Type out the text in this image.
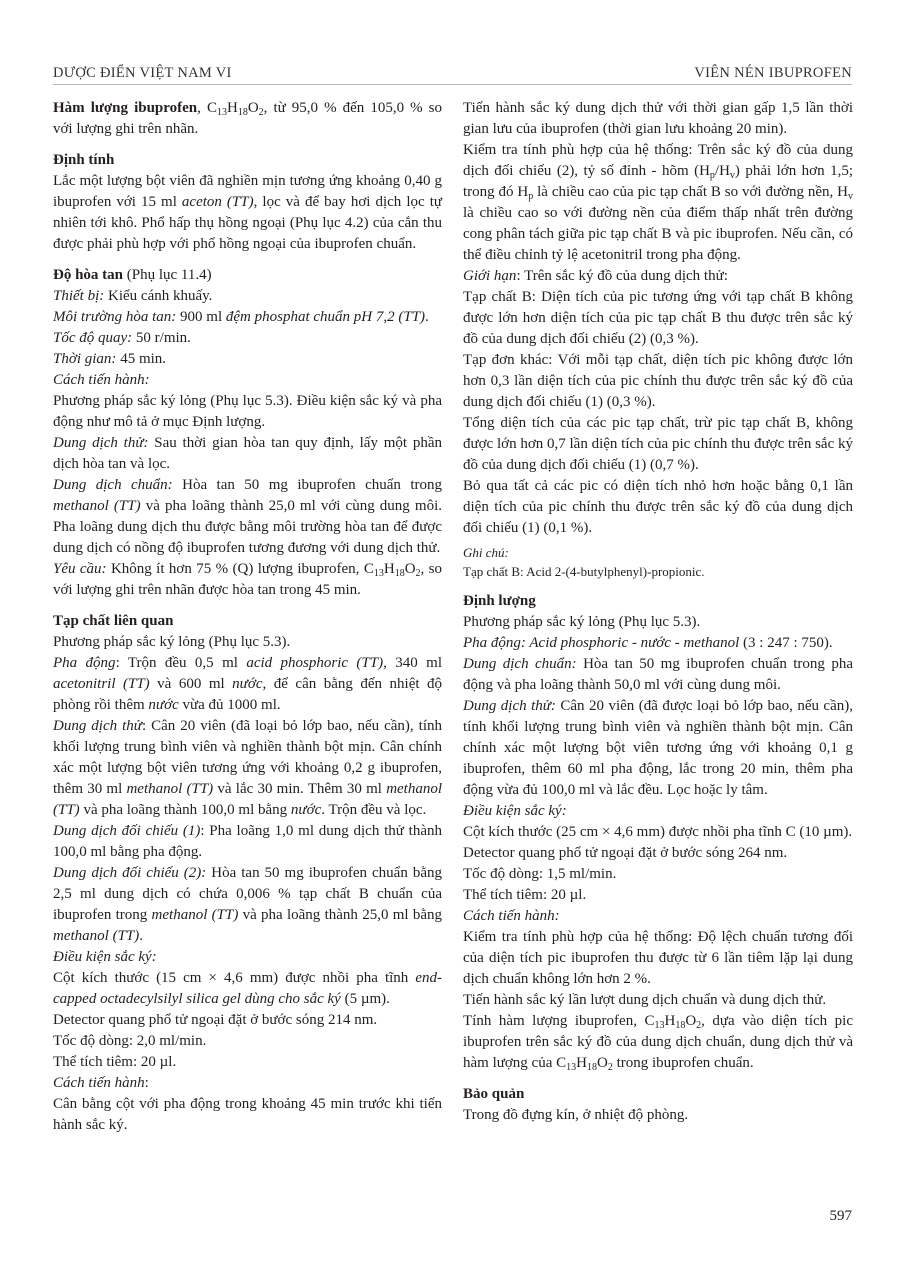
DƯỢC ĐIỂN VIỆT NAM VI	VIÊN NÉN IBUPROFEN

Hàm lượng ibuprofen, $C_{13}H_{18}O_2$, từ 95,0 % đến 105,0 % so với lượng ghi trên nhãn.

Định tính

Lắc một lượng bột viên đã nghiền mịn tương ứng khoảng 0,40 g ibuprofen với 15 ml aceton (TT), lọc và để bay hơi dịch lọc tự nhiên tới khô. Phổ hấp thụ hồng ngoại (Phụ lục 4.2) của cắn thu được phải phù hợp với phổ hồng ngoại của ibuprofen chuẩn.

Độ hòa tan (Phụ lục 11.4)

Thiết bị: Kiểu cánh khuấy.

Môi trường hòa tan: 900 ml đệm phosphat chuẩn pH 7,2 (TT).

Tốc độ quay: 50 r/min.

Thời gian: 45 min.

Cách tiến hành:

Phương pháp sắc ký lỏng (Phụ lục 5.3). Điều kiện sắc ký và pha động như mô tả ở mục Định lượng.

Dung dịch thử: Sau thời gian hòa tan quy định, lấy một phần dịch hòa tan và lọc.

Dung dịch chuẩn: Hòa tan 50 mg ibuprofen chuẩn trong methanol (TT) và pha loãng thành 25,0 ml với cùng dung môi. Pha loãng dung dịch thu được bằng môi trường hòa tan để được dung dịch có nồng độ ibuprofen tương đương với dung dịch thử.

Yêu cầu: Không ít hơn 75 % (Q) lượng ibuprofen, $C_{13}H_{18}O_2$, so với lượng ghi trên nhãn được hòa tan trong 45 min.

Tạp chất liên quan

Phương pháp sắc ký lỏng (Phụ lục 5.3).

Pha động: Trộn đều 0,5 ml acid phosphoric (TT), 340 ml acetonitril (TT) và 600 ml nước, để cân bằng đến nhiệt độ phòng rồi thêm nước vừa đủ 1000 ml.

Dung dịch thử: Cân 20 viên (đã loại bỏ lớp bao, nếu cần), tính khối lượng trung bình viên và nghiền thành bột mịn. Cân chính xác một lượng bột viên tương ứng với khoảng 0,2 g ibuprofen, thêm 30 ml methanol (TT) và lắc 30 min. Thêm 30 ml methanol (TT) và pha loãng thành 100,0 ml bằng nước. Trộn đều và lọc.

Dung dịch đối chiếu (1): Pha loãng 1,0 ml dung dịch thử thành 100,0 ml bằng pha động.

Dung dịch đối chiếu (2): Hòa tan 50 mg ibuprofen chuẩn bằng 2,5 ml dung dịch có chứa 0,006 % tạp chất B chuẩn của ibuprofen trong methanol (TT) và pha loãng thành 25,0 ml bằng methanol (TT).

Điều kiện sắc ký:

Cột kích thước (15 cm × 4,6 mm) được nhồi pha tĩnh end-capped octadecylsilyl silica gel dùng cho sắc ký (5 µm).

Detector quang phổ tử ngoại đặt ở bước sóng 214 nm.

Tốc độ dòng: 2,0 ml/min.

Thể tích tiêm: 20 µl.

Cách tiến hành:

Cân bằng cột với pha động trong khoảng 45 min trước khi tiến hành sắc ký.

Tiến hành sắc ký dung dịch thử với thời gian gấp 1,5 lần thời gian lưu của ibuprofen (thời gian lưu khoảng 20 min).

Kiểm tra tính phù hợp của hệ thống: Trên sắc ký đồ của dung dịch đối chiếu (2), tỷ số đỉnh - hõm $(H_p/H_v)$ phải lớn hơn 1,5; trong đó $H_p$ là chiều cao của pic tạp chất B so với đường nền, $H_v$ là chiều cao so với đường nền của điểm thấp nhất trên đường cong phân tách giữa pic tạp chất B và pic ibuprofen. Nếu cần, có thể điều chỉnh tỷ lệ acetonitril trong pha động.

Giới hạn: Trên sắc ký đồ của dung dịch thử:

Tạp chất B: Diện tích của pic tương ứng với tạp chất B không được lớn hơn diện tích của pic tạp chất B thu được trên sắc ký đồ của dung dịch đối chiếu (2) (0,3 %).

Tạp đơn khác: Với mỗi tạp chất, diện tích pic không được lớn hơn 0,3 lần diện tích của pic chính thu được trên sắc ký đồ của dung dịch đối chiếu (1) (0,3 %).

Tổng diện tích của các pic tạp chất, trừ pic tạp chất B, không được lớn hơn 0,7 lần diện tích của pic chính thu được trên sắc ký đồ của dung dịch đối chiếu (1) (0,7 %).

Bỏ qua tất cả các pic có diện tích nhỏ hơn hoặc bằng 0,1 lần diện tích của pic chính thu được trên sắc ký đồ của dung dịch đối chiếu (1) (0,1 %).

Ghi chú:

Tạp chất B: Acid 2-(4-butylphenyl)-propionic.

Định lượng

Phương pháp sắc ký lỏng (Phụ lục 5.3).

Pha động: Acid phosphoric - nước - methanol (3 : 247 : 750).

Dung dịch chuẩn: Hòa tan 50 mg ibuprofen chuẩn trong pha động và pha loãng thành 50,0 ml với cùng dung môi.

Dung dịch thử: Cân 20 viên (đã được loại bỏ lớp bao, nếu cần), tính khối lượng trung bình viên và nghiền thành bột mịn. Cân chính xác một lượng bột viên tương ứng với khoảng 0,1 g ibuprofen, thêm 60 ml pha động, lắc trong 20 min, thêm pha động vừa đủ 100,0 ml và lắc đều. Lọc hoặc ly tâm.

Điều kiện sắc ký:

Cột kích thước (25 cm × 4,6 mm) được nhồi pha tĩnh C (10 µm).

Detector quang phổ tử ngoại đặt ở bước sóng 264 nm.

Tốc độ dòng: 1,5 ml/min.

Thể tích tiêm: 20 µl.

Cách tiến hành:

Kiểm tra tính phù hợp của hệ thống: Độ lệch chuẩn tương đối của diện tích pic ibuprofen thu được từ 6 lần tiêm lặp lại dung dịch chuẩn không lớn hơn 2 %.

Tiến hành sắc ký lần lượt dung dịch chuẩn và dung dịch thử.

Tính hàm lượng ibuprofen, $C_{13}H_{18}O_2$, dựa vào diện tích pic ibuprofen trên sắc ký đồ của dung dịch chuẩn, dung dịch thử và hàm lượng của $C_{13}H_{18}O_2$ trong ibuprofen chuẩn.

Bảo quản

Trong đồ đựng kín, ở nhiệt độ phòng.

597
